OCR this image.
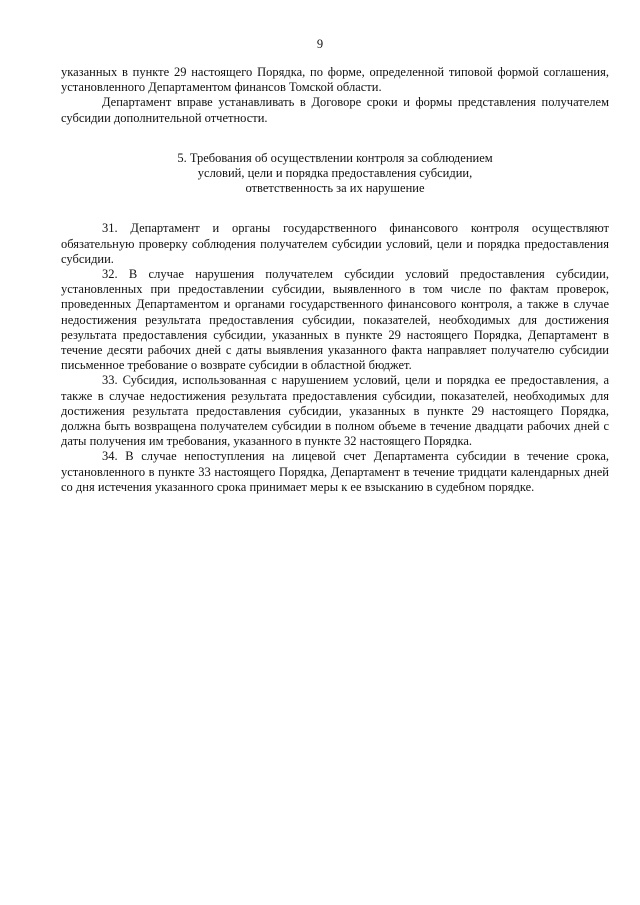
9

указанных в пункте 29 настоящего Порядка, по форме, определенной типовой формой соглашения, установленного Департаментом финансов Томской области.

Департамент вправе устанавливать в Договоре сроки и формы представления получателем субсидии дополнительной отчетности.

5. Требования об осуществлении контроля за соблюдением
условий, цели и порядка предоставления субсидии,
ответственность за их нарушение

31. Департамент и органы государственного финансового контроля осуществляют обязательную проверку соблюдения получателем субсидии условий, цели и порядка предоставления субсидии.

32. В случае нарушения получателем субсидии условий предоставления субсидии, установленных при предоставлении субсидии, выявленного в том числе по фактам проверок, проведенных Департаментом и органами государственного финансового контроля, а также в случае недостижения результата предоставления субсидии, показателей, необходимых для достижения результата предоставления субсидии, указанных в пункте 29 настоящего Порядка, Департамент в течение десяти рабочих дней с даты выявления указанного факта направляет получателю субсидии письменное требование о возврате субсидии в областной бюджет.

33. Субсидия, использованная с нарушением условий, цели и порядка ее предоставления, а также в случае недостижения результата предоставления субсидии, показателей, необходимых для достижения результата предоставления субсидии, указанных в пункте 29 настоящего Порядка, должна быть возвращена получателем субсидии в полном объеме в течение двадцати рабочих дней с даты получения им требования, указанного в пункте 32 настоящего Порядка.

34. В случае непоступления на лицевой счет Департамента субсидии в течение срока, установленного в пункте 33 настоящего Порядка, Департамент в течение тридцати календарных дней со дня истечения указанного срока принимает меры к ее взысканию в судебном порядке.
